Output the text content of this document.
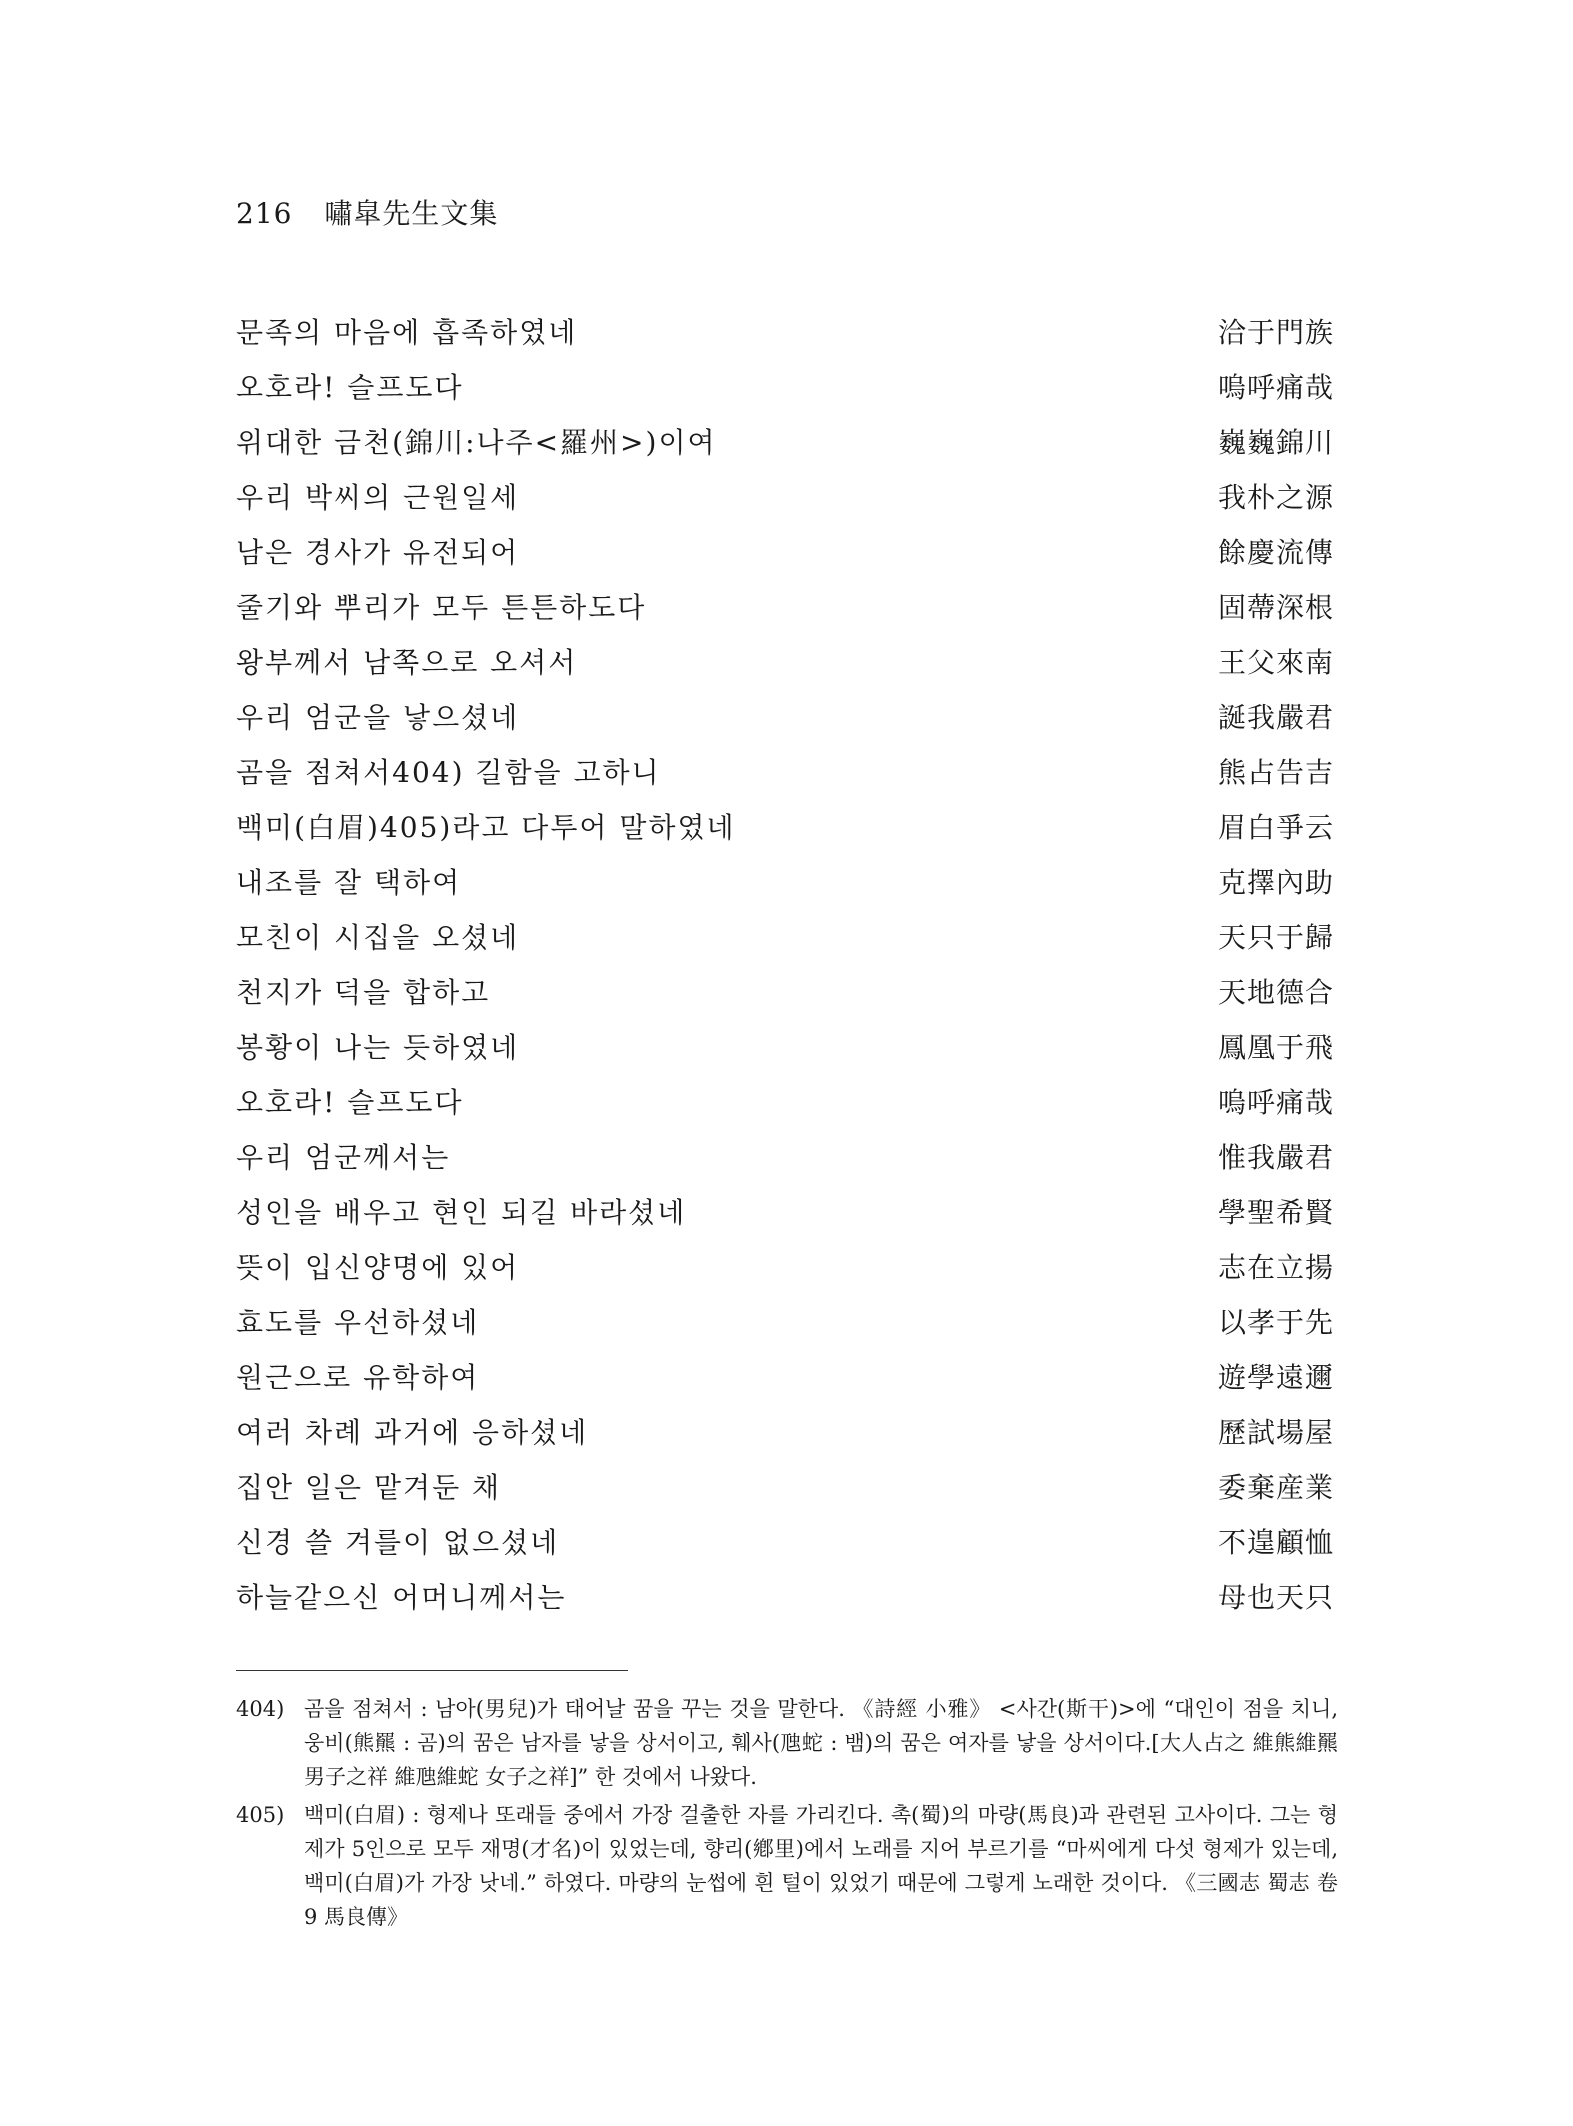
216 嘯皐先生文集
문족의 마음에 흡족하였네	洽于門族
오호라! 슬프도다	嗚呼痛哉
위대한 금천(錦川:나주<羅州>)이여	巍巍錦川
우리 박씨의 근원일세	我朴之源
남은 경사가 유전되어	餘慶流傳
줄기와 뿌리가 모두 튼튼하도다	固蔕深根
왕부께서 남쪽으로 오셔서	王父來南
우리 엄군을 낳으셨네	誕我嚴君
곰을 점쳐서404) 길함을 고하니	熊占告吉
백미(白眉)405)라고 다투어 말하였네	眉白爭云
내조를 잘 택하여	克擇內助
모친이 시집을 오셨네	天只于歸
천지가 덕을 합하고	天地德合
봉황이 나는 듯하였네	鳳凰于飛
오호라! 슬프도다	嗚呼痛哉
우리 엄군께서는	惟我嚴君
성인을 배우고 현인 되길 바라셨네	學聖希賢
뜻이 입신양명에 있어	志在立揚
효도를 우선하셨네	以孝于先
원근으로 유학하여	遊學遠邇
여러 차례 과거에 응하셨네	歷試場屋
집안 일은 맡겨둔 채	委棄産業
신경 쓸 겨를이 없으셨네	不遑顧恤
하늘같으신 어머니께서는	母也天只
404) 곰을 점쳐서 : 남아(男兒)가 태어날 꿈을 꾸는 것을 말한다. 《詩經 小雅》 <사간(斯干)>에 “대인이 점을 치니, 웅비(熊羆 : 곰)의 꿈은 남자를 낳을 상서이고, 훼사(虺蛇 : 뱀)의 꿈은 여자를 낳을 상서이다.[大人占之 維熊維羆 男子之祥 維虺維蛇 女子之祥]” 한 것에서 나왔다.
405) 백미(白眉) : 형제나 또래들 중에서 가장 걸출한 자를 가리킨다. 촉(蜀)의 마량(馬良)과 관련된 고사이다. 그는 형제가 5인으로 모두 재명(才名)이 있었는데, 향리(鄕里)에서 노래를 지어 부르기를 “마씨에게 다섯 형제가 있는데, 백미(白眉)가 가장 낫네.” 하였다. 마량의 눈썹에 흰 털이 있었기 때문에 그렇게 노래한 것이다. 《三國志 蜀志 卷9 馬良傳》
